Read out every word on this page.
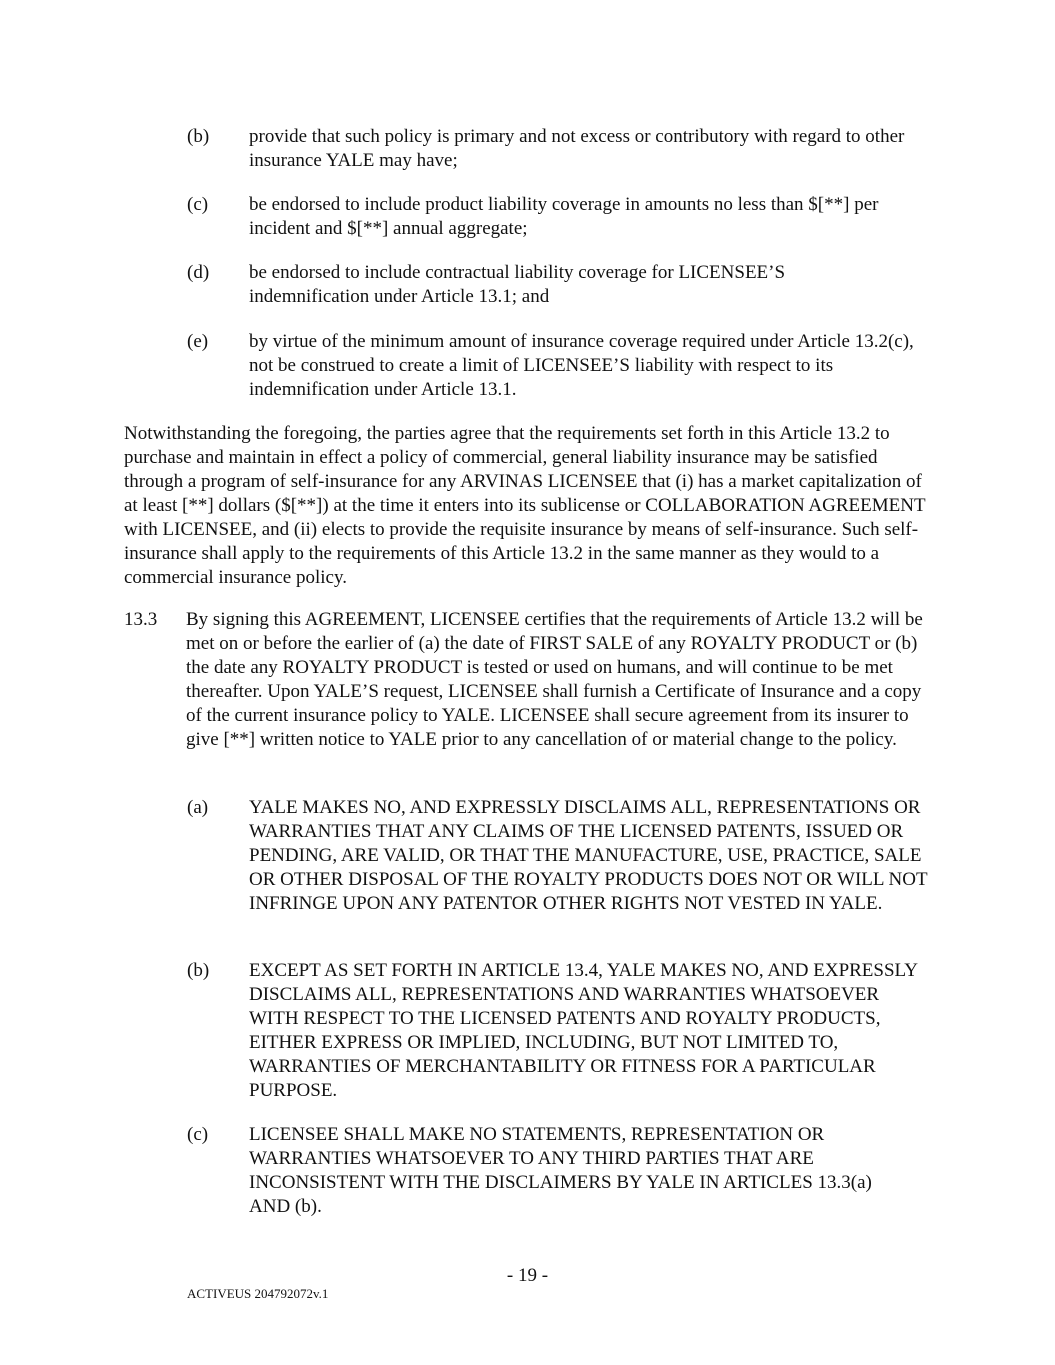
(b)	provide that such policy is primary and not excess or contributory with regard to other insurance YALE may have;
(c)	be endorsed to include product liability coverage in amounts no less than $[**] per incident and $[**] annual aggregate;
(d)	be endorsed to include contractual liability coverage for LICENSEE’S indemnification under Article 13.1; and
(e)	by virtue of the minimum amount of insurance coverage required under Article 13.2(c), not be construed to create a limit of LICENSEE’S liability with respect to its indemnification under Article 13.1.
Notwithstanding the foregoing, the parties agree that the requirements set forth in this Article 13.2 to purchase and maintain in effect a policy of commercial, general liability insurance may be satisfied through a program of self-insurance for any ARVINAS LICENSEE that (i) has a market capitalization of at least [**] dollars ($[**]) at the time it enters into its sublicense or COLLABORATION AGREEMENT with LICENSEE, and (ii) elects to provide the requisite insurance by means of self-insurance. Such self-insurance shall apply to the requirements of this Article 13.2 in the same manner as they would to a commercial insurance policy.
13.3	By signing this AGREEMENT, LICENSEE certifies that the requirements of Article 13.2 will be met on or before the earlier of (a) the date of FIRST SALE of any ROYALTY PRODUCT or (b) the date any ROYALTY PRODUCT is tested or used on humans, and will continue to be met thereafter. Upon YALE’S request, LICENSEE shall furnish a Certificate of Insurance and a copy of the current insurance policy to YALE. LICENSEE shall secure agreement from its insurer to give [**] written notice to YALE prior to any cancellation of or material change to the policy.
(a)	YALE MAKES NO, AND EXPRESSLY DISCLAIMS ALL, REPRESENTATIONS OR WARRANTIES THAT ANY CLAIMS OF THE LICENSED PATENTS, ISSUED OR PENDING, ARE VALID, OR THAT THE MANUFACTURE, USE, PRACTICE, SALE OR OTHER DISPOSAL OF THE ROYALTY PRODUCTS DOES NOT OR WILL NOT INFRINGE UPON ANY PATENTOR OTHER RIGHTS NOT VESTED IN YALE.
(b)	EXCEPT AS SET FORTH IN ARTICLE 13.4, YALE MAKES NO, AND EXPRESSLY DISCLAIMS ALL, REPRESENTATIONS AND WARRANTIES WHATSOEVER WITH RESPECT TO THE LICENSED PATENTS AND ROYALTY PRODUCTS, EITHER EXPRESS OR IMPLIED, INCLUDING, BUT NOT LIMITED TO, WARRANTIES OF MERCHANTABILITY OR FITNESS FOR A PARTICULAR PURPOSE.
(c)	LICENSEE SHALL MAKE NO STATEMENTS, REPRESENTATION OR WARRANTIES WHATSOEVER TO ANY THIRD PARTIES THAT ARE INCONSISTENT WITH THE DISCLAIMERS BY YALE IN ARTICLES 13.3(a) AND (b).
- 19 -
ACTIVEUS 204792072v.1
